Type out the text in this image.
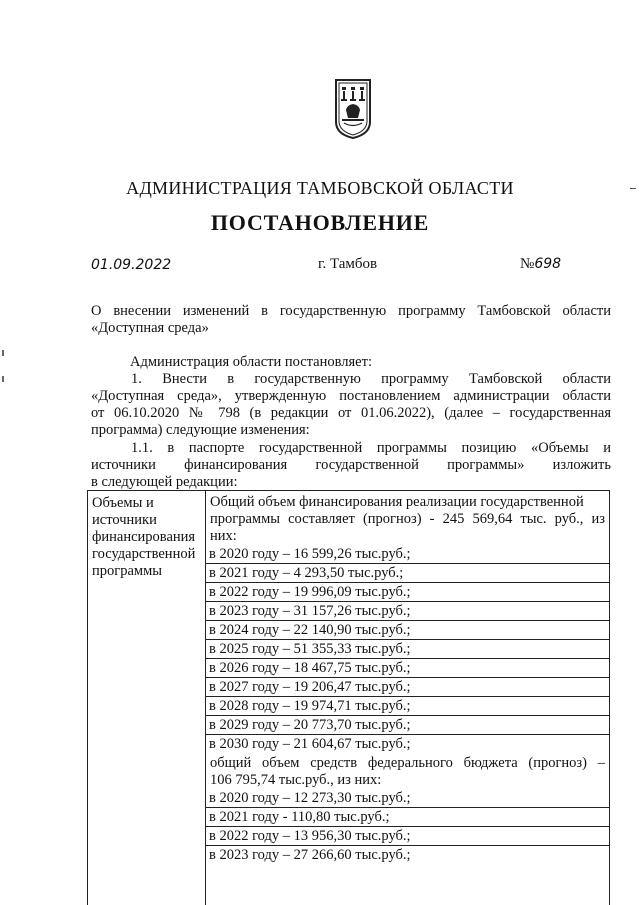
АДМИНИСТРАЦИЯ ТАМБОВСКОЙ ОБЛАСТИ
ПОСТАНОВЛЕНИЕ
01.09.2022	г. Тамбов	№698
О внесении изменений в государственную программу Тамбовской области
«Доступная среда»
Администрация области постановляет:
1. Внести в государственную программу Тамбовской области
«Доступная среда», утвержденную постановлением администрации области
от 06.10.2020 № 798 (в редакции от 01.06.2022), (далее – государственная
программа) следующие изменения:
1.1. в паспорте государственной программы позицию «Объемы и
источники финансирования государственной программы» изложить
в следующей редакции:
Объемы и
источники
финансирования
государственной
программы
Общий объем финансирования реализации государственной
программы составляет (прогноз) - 245 569,64 тыс. руб., из
них:
в 2020 году – 16 599,26 тыс.руб.;
в 2021 году – 4 293,50 тыс.руб.;
в 2022 году – 19 996,09 тыс.руб.;
в 2023 году – 31 157,26 тыс.руб.;
в 2024 году – 22 140,90 тыс.руб.;
в 2025 году – 51 355,33 тыс.руб.;
в 2026 году – 18 467,75 тыс.руб.;
в 2027 году – 19 206,47 тыс.руб.;
в 2028 году – 19 974,71 тыс.руб.;
в 2029 году – 20 773,70 тыс.руб.;
в 2030 году – 21 604,67 тыс.руб.;
общий объем средств федерального бюджета (прогноз) –
106 795,74 тыс.руб., из них:
в 2020 году – 12 273,30 тыс.руб.;
в 2021 году - 110,80 тыс.руб.;
в 2022 году – 13 956,30 тыс.руб.;
в 2023 году – 27 266,60 тыс.руб.;
